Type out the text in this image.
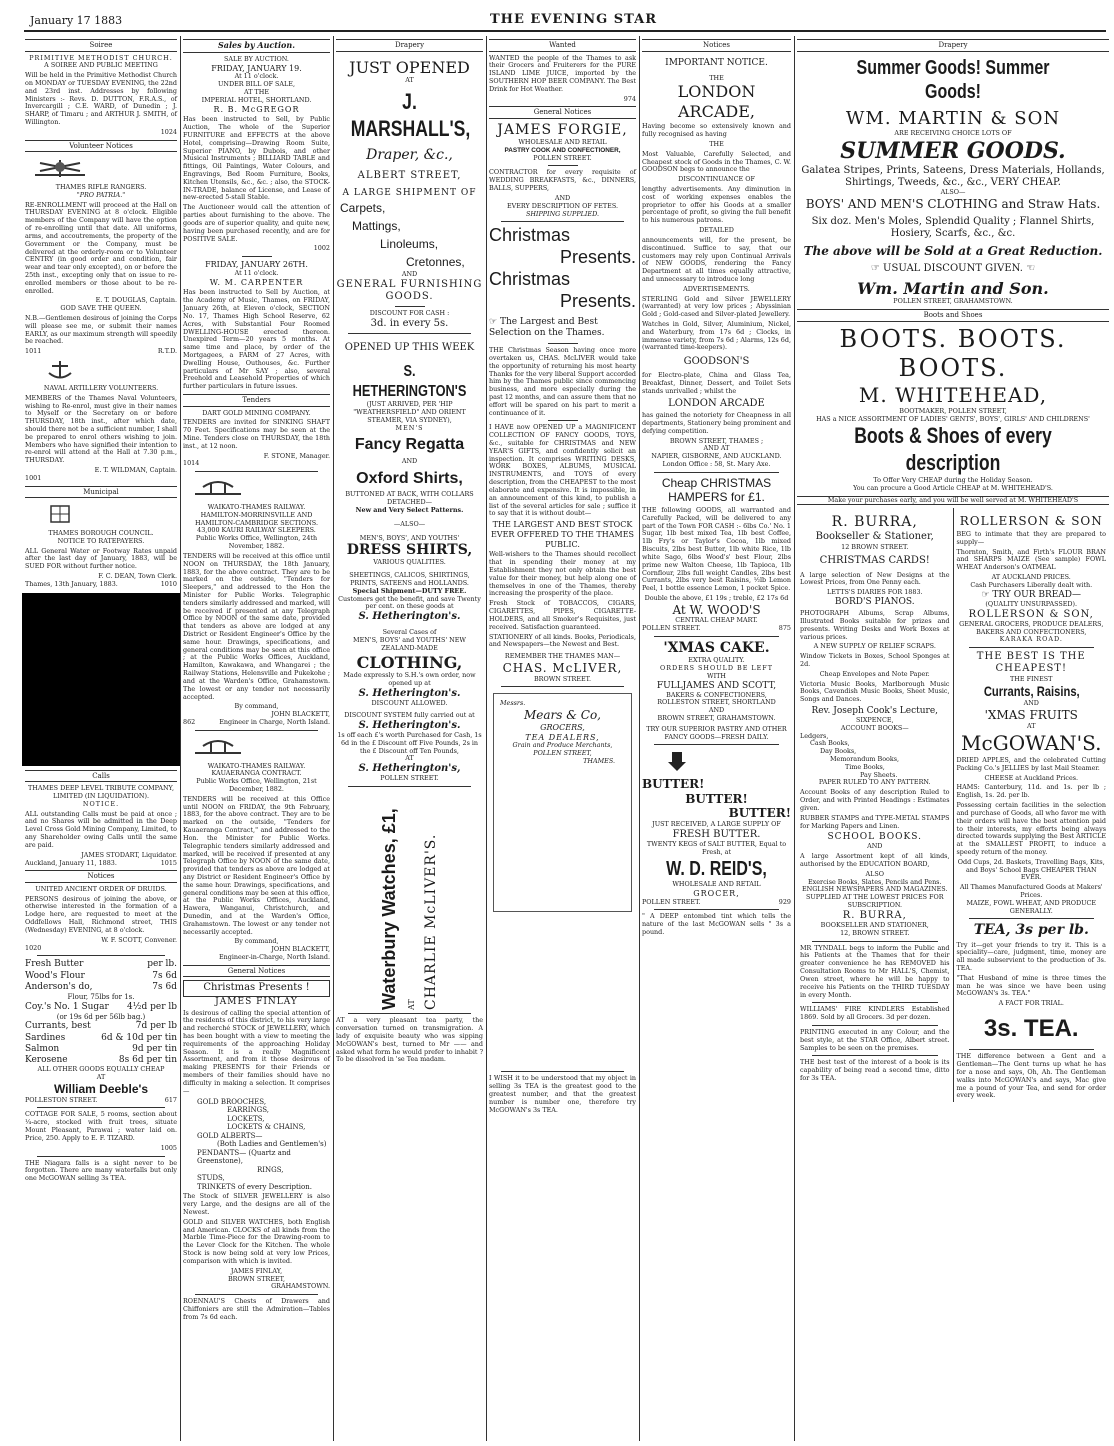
January 17 1883	THE EVENING STAR
Soiree
PRIMITIVE METHODIST CHURCH.
A SOIREE AND PUBLIC MEETING

Will be held in the Primitive Methodist Church on MONDAY or TUESDAY EVENING, the 22nd and 23rd inst. Addresses by following Ministers :- Revs. D. DUTTON, F.R.A.S., of Invercargill ; C.E. WARD, of Dunedin ; J. SHARP, of Timaru ; and ARTHUR J. SMITH, of Willington.

1024
Volunteer Notices
THAMES RIFLE RANGERS.
"PRO PATRIA."

RE-ENROLLMENT will proceed at the Hall on THURSDAY EVENING at 8 o'clock. Eligible members of the Company will have the option of re-enrolling until that date. All uniforms, arms, and accoutrements, the property of the Government or the Company, must be delivered at the orderly-room or to Volunteer CENTRY (in good order and condition, fair wear and tear only excepted), on or before the 25th inst., excepting only that on issue to re-enrolled members or those about to be re-enrolled.

E. T. DOUGLAS, Captain.
GOD SAVE THE QUEEN.

N.B.—Gentlemen desirous of joining the Corps will please see me, or submit their names EARLY, as our maximum strength will speedily be reached.

1011	R.T.D.
NAVAL ARTILLERY VOLUNTEERS.

MEMBERS of the Thames Naval Volunteers, wishing to Re-enrol, must give in their names to Myself or the Secretary on or before THURSDAY, 18th inst., after which date, should there not be a sufficient number, I shall be prepared to enrol others wishing to join. Members who have signified their intention to re-enrol will attend at the Hall at 7.30 p.m., THURSDAY.

E. T. WILDMAN, Captain.
1001
Municipal
THAMES BOROUGH COUNCIL.
NOTICE TO RATEPAYERS.

ALL General Water or Footway Rates unpaid after the last day of January, 1883, will be SUED FOR without further notice.

F. C. DEAN, Town Clerk.
Thames, 13th January, 1883.	1010
Calls
THAMES DEEP LEVEL TRIBUTE COMPANY, LIMITED (IN LIQUIDATION).
NOTICE.

ALL outstanding Calls must be paid at once ; and no Shares will be admitted in the Deep Level Cross Gold Mining Company, Limited, to any Shareholder owing Calls until the same are paid.

JAMES STODART, Liquidator.
Auckland, January 11, 1883.	1015
Notices
UNITED ANCIENT ORDER OF DRUIDS.

PERSONS desirous of joining the above, or otherwise interested in the formation of a Lodge here, are requested to meet at the Oddfellows Hall, Richmond street, THIS (Wednesday) EVENING, at 8 o'clock.

W. F. SCOTT, Convener.
1020
Fresh Butter	per lb.
Wood's Flour	7s 6d
Anderson's do,	7s 6d
Flour, 75lbs for 1s.
Coy.'s No. 1 Sugar 4½d per lb
(or 19s 6d per 56lb bag.)
Currants, best	7d per lb
Sardines	6d & 10d per tin
Salmon	9d per tin
Kerosene	8s 6d per tin
ALL OTHER GOODS EQUALLY CHEAP
AT
William Deeble's
POLLESTON STREET.	617

COTTAGE FOR SALE, 5 rooms, section about ¼-acre, stocked with fruit trees, situate Mount Pleasant, Parawai ; water laid on. Price, 250. Apply to E. F. TIZARD.

1005

THE Niagara falls is a sight never to be forgotten. There are many waterfalls but only one McGOWAN selling 3s TEA.

Sales by Auction.
SALE BY AUCTION.
FRIDAY, JANUARY 19.
At 11 o'clock.
UNDER BILL OF SALE,
AT THE
IMPERIAL HOTEL, SHORTLAND.
R. B. McGREGOR

Has been instructed to Sell, by Public Auction, The whole of the Superior FURNITURE and EFFECTS at the above Hotel, comprising—Drawing Room Suite, Superior PIANO, by Dubois, and other Musical Instruments ; BILLIARD TABLE and fittings, Oil Paintings, Water Colours, and Engravings, Bed Room Furniture, Books, Kitchen Utensils, &c., &c. ; also, the STOCK-IN-TRADE, balance of License, and Lease of new-erected 5-stall Stable.

The Auctioneer would call the attention of parties about furnishing to the above. The goods are of superior quality, and quite new, having been purchased recently, and are for POSITIVE SALE.

1002
FRIDAY, JANUARY 26TH.
At 11 o'clock.
W. M. CARPENTER

Has been instructed to Sell by Auction, at the Academy of Music, Thames, on FRIDAY, January 26th, at Eleven o'clock, SECTION No. 17, Thames High School Reserve, 62 Acres, with Substantial Four Roomed DWELLING-HOUSE erected thereon. Unexpired Term—20 years 5 months. At same time and place, by order of the Mortgagees, a FARM of 27 Acres, with Dwelling House, Outhouses, &c. Further particulars of Mr SAY ; also, several Freehold and Leasehold Properties of which further particulars in future issues.

Tenders
DART GOLD MINING COMPANY.

TENDERS are invited for SINKING SHAFT 70 Feet. Specifications may be seen at the Mine. Tenders close on THURSDAY, the 18th inst., at 12 noon.

F. STONE, Manager.
1014
WAIKATO-THAMES RAILWAY.
HAMILTON-MORRINSVILLE AND HAMILTON-CAMBRIDGE SECTIONS.
43,000 KAURI RAILWAY SLEEPERS.
Public Works Office, Wellington, 24th November, 1882.

TENDERS will be received at this office until NOON on THURSDAY, the 18th January, 1883, for the above contract. They are to be marked on the outside, "Tenders for Sleepers," and addressed to the Hon the Minister for Public Works. Telegraphic tenders similarly addressed and marked, will be received if presented at any Telegraph Office by NOON of the same date, provided that tenders as above are lodged at any District or Resident Engineer's Office by the same hour. Drawings, specifications, and general conditions may be seen at this office ; at the Public Works Offices, Auckland, Hamilton, Kawakawa, and Whangarei ; the Railway Stations, Helensville and Pukekohe ; and at the Warden's Office, Grahamstown. The lowest or any tender not necessarily accepted.

By command,
JOHN BLACKETT,
862	Engineer in Charge, North Island.
WAIKATO-THAMES RAILWAY.
KAUAERANGA CONTRACT.
Public Works Office, Wellington, 21st December, 1882.

TENDERS will be received at this Office until NOON on FRIDAY, the 9th February, 1883, for the above contract. They are to be marked on the outside, "Tenders for Kauaeranga Contract," and addressed to the Hon. the Minister for Public Works. Telegraphic tenders similarly addressed and marked, will be received if presented at any Telegraph Office by NOON of the same date, provided that tenders as above are lodged at any District or Resident Engineer's Office by the same hour. Drawings, specifications, and general conditions may be seen at this office, at the Public Works Offices, Auckland, Hawera, Wanganui, Christchurch, and Dunedin, and at the Warden's Office, Grahamstown. The lowest or any tender not necessarily accepted.

By command,
JOHN BLACKETT,
Engineer-in-Charge, North Island.
General Notices
Christmas Presents !
JAMES FINLAY

Is desirous of calling the special attention of the residents of this district, to his very large and recherché STOCK of JEWELLERY, which has been bought with a view to meeting the requirements of the approaching Holiday Season. It is a really Magnificent Assortment, and from it those desirous of making PRESENTS for their Friends or members of their families should have no difficulty in making a selection. It comprises—

GOLD BROOCHES,
EARRINGS,
LOCKETS,
LOCKETS & CHAINS,
GOLD ALBERTS—
(Both Ladies and Gentlemen's)
PENDANTS— (Quartz and Greenstone),
RINGS,
STUDS,
TRINKETS of every Description.

The Stock of SILVER JEWELLERY is also very Large, and the designs are all of the Newest.

GOLD and SILVER WATCHES, both English and American. CLOCKS of all kinds from the Marble Time-Piece for the Drawing-room to the Lever Clock for the Kitchen. The whole Stock is now being sold at very low Prices, comparison with which is invited.

JAMES FINLAY,
BROWN STREET,
GRAHAMSTOWN.

ROENNAU'S Chests of Drawers and Chiffoniers are still the Admiration—Tables from 7s 6d each.

Drapery
JUST OPENED
AT
J. MARSHALL'S,
Draper, &c.,
ALBERT STREET,
A LARGE SHIPMENT OF
Carpets,
Mattings,
Linoleums,
Cretonnes,
AND
GENERAL FURNISHING GOODS.
DISCOUNT FOR CASH :
3d. in every 5s.
OPENED UP THIS WEEK
S. HETHERINGTON'S
(JUST ARRIVED, PER 'HIP "WEATHERSFIELD" AND ORIENT STEAMER, VIA SYDNEY),
MEN'S
Fancy Regatta
AND
Oxford Shirts,
BUTTONED AT BACK, WITH COLLARS DETACHED—
New and Very Select Patterns.
—ALSO—
MEN'S, BOYS', AND YOUTHS'
DRESS SHIRTS,
VARIOUS QUALITIES.
SHEETINGS, CALICOS, SHIRTINGS, PRINTS, SATEENS and HOLLANDS.
Special Shipment—DUTY FREE.
Customers get the benefit, and save Twenty per cent. on these goods at
S. Hetherington's.
Several Cases of
MEN'S, BOYS' and YOUTHS' NEW ZEALAND-MADE
CLOTHING,
Made expressly to S.H.'s own order, now opened up at
S. Hetherington's.
DISCOUNT ALLOWED.
DISCOUNT SYSTEM fully carried out at
S. Hetherington's.
1s off each £'s worth Purchased for Cash, 1s 6d in the £ Discount off Five Pounds, 2s in the £ Discount off Ten Pounds,
AT
S. Hetherington's,
POLLEN STREET.
Waterbury Watches, £1, AT CHARLIE McLIVER'S.

AT a very pleasant tea party, the conversation turned on transmigration. A lady of exquisite beauty who was sipping McGOWAN's best, turned to Mr —— and asked what form he would prefer to inhabit ? To be dissolved in 'se Tea madam.

Wanted

WANTED the people of the Thames to ask their Grocers and Fruiterers for the PURE ISLAND LIME JUICE, imported by the SOUTHERN HOP BEER COMPANY. The Best Drink for Hot Weather.

974
General Notices
JAMES FORGIE,
WHOLESALE AND RETAIL
PASTRY COOK AND CONFECTIONER,
POLLEN STREET.

CONTRACTOR for every requisite of WEDDING BREAKFASTS, &c., DINNERS, BALLS, SUPPERS,

AND
EVERY DESCRIPTION OF FETES.
SHIPPING SUPPLIED.
Christmas
Presents.
Christmas
Presents.
☞ The Largest and Best Selection on the Thames.

THE Christmas Season having once more overtaken us, CHAS. McLIVER would take the opportunity of returning his most hearty Thanks for the very liberal Support accorded him by the Thames public since commencing business, and more especially during the past 12 months, and can assure them that no effort will be spared on his part to merit a continuance of it.

I HAVE now OPENED UP a MAGNIFICENT COLLECTION OF FANCY GOODS, TOYS, &c., suitable for CHRISTMAS and NEW YEAR'S GIFTS, and confidently solicit an inspection. It comprises WRITING DESKS, WORK BOXES, ALBUMS, MUSICAL INSTRUMENTS, and TOYS of every description, from the CHEAPEST to the most elaborate and expensive. It is impossible, in an announcement of this kind, to publish a list of the several articles for sale ; suffice it to say that it is without doubt—

THE LARGEST AND BEST STOCK EVER OFFERED TO THE THAMES PUBLIC.

Well-wishers to the Thames should recollect that in spending their money at my Establishment they not only obtain the best value for their money, but help along one of themselves in one of the Thames, thereby increasing the prosperity of the place.

Fresh Stock of TOBACCOS, CIGARS, CIGARETTES, PIPES, CIGARETTE-HOLDERS, and all Smoker's Requisites, just received. Satisfaction guaranteed.

STATIONERY of all kinds. Books, Periodicals, and Newspapers—the Newest and Best.

REMEMBER THE THAMES MAN—
CHAS. McLIVER,
BROWN STREET.
Messrs.
Mears & Co,
GROCERS,
TEA DEALERS,
Grain and Produce Merchants,
POLLEN STREET,
THAMES.

I WISH it to be understood that my object in selling 3s TEA is the greatest good to the greatest number, and that the greatest number is number one, therefore try McGOWAN's 3s TEA.

Notices
IMPORTANT NOTICE.
THE
LONDON ARCADE,

Having become so extensively known and fully recognised as having

THE

Most Valuable, Carefully Selected, and Cheapest stock of Goods in the Thames, C. W. GOODSON begs to announce the

DISCONTINUANCE OF

lengthy advertisements. Any diminution in cost of working expenses enables the proprietor to offer his Goods at a smaller percentage of profit, so giving the full benefit to his numerous patrons.

DETAILED

announcements will, for the present, be discontinued. Suffice to say, that our customers may rely upon Continual Arrivals of NEW GOODS, rendering the Fancy Department at all times equally attractive, and unnecessary to introduce long

ADVERTISEMENTS.

STERLING Gold and Silver JEWELLERY (warranted) at very low prices ; Abyssinian Gold ; Gold-cased and Silver-plated Jewellery.

Watches in Gold, Silver, Aluminium, Nickel, and Waterbury, from 17s 6d ; Clocks, in immense variety, from 7s 6d ; Alarms, 12s 6d, (warranted time-keepers).

GOODSON'S

for Electro-plate, China and Glass Tea, Breakfast, Dinner, Dessert, and Toilet Sets stands unrivalled ; whilst the

LONDON ARCADE

has gained the notoriety for Cheapness in all departments, Stationery being prominent and defying competition.

BROWN STREET, THAMES ;
AND AT
NAPIER, GISBORNE, AND AUCKLAND.
London Office : 58, St. Mary Axe.
Cheap CHRISTMAS HAMPERS for £1.

THE following GOODS, all warranted and Carefully Packed, will be delivered to any part of the Town FOR CASH :- 6lbs Co.' No. 1 Sugar, 1lb best mixed Tea, 1lb best Coffee, 1lb Fry's or Taylor's Cocoa, 1lb mixed Biscuits, 2lbs best Butter, 1lb white Rice, 1lb white Sago, 6lbs Wood's' best Flour, 2lbs prime new Walton Cheese, 1lb Tapioca, 1lb Cornflour, 2lbs full weight Candles, 2lbs best Currants, 2lbs very best Raisins, ½lb Lemon Peel, 1 bottle essence Lemon, 1 pocket Spice.

Double the above, £1 19s ; treble, £2 17s 6d
At W. WOOD'S
CENTRAL CHEAP MART.
POLLEN STREET.	875
'XMAS CAKE.
EXTRA QUALITY.
ORDERS SHOULD BE LEFT
WITH
FULLJAMES AND SCOTT,
BAKERS & CONFECTIONERS,
ROLLESTON STREET, SHORTLAND
AND
BROWN STREET, GRAHAMSTOWN.
TRY OUR SUPERIOR PASTRY AND OTHER FANCY GOODS—FRESH DAILY.
BUTTER!
BUTTER!
BUTTER!
JUST RECEIVED, A LARGE SUPPLY OF
FRESH BUTTER.
TWENTY KEGS of SALT BUTTER, Equal to Fresh, at
W. D. REID'S,
WHOLESALE AND RETAIL
GROCER,
POLLEN STREET.	929

" A DEEP entombed tint which tells the nature of the last McGOWAN sells " 3s a pound.

Drapery
Summer Goods! Summer Goods!
WM. MARTIN & SON
ARE RECEIVING CHOICE LOTS OF
SUMMER GOODS.
Galatea Stripes, Prints, Sateens, Dress Materials, Hollands, Shirtings, Tweeds, &c., &c., VERY CHEAP.
ALSO—
BOYS' AND MEN'S CLOTHING and Straw Hats.
Six doz. Men's Moles, Splendid Quality ; Flannel Shirts, Hosiery, Scarfs, &c., &c.
The above will be Sold at a Great Reduction.
☞ USUAL DISCOUNT GIVEN. ☜
Wm. Martin and Son.
POLLEN STREET, GRAHAMSTOWN.
Boots and Shoes
BOOTS. BOOTS. BOOTS.
M. WHITEHEAD,
BOOTMAKER, POLLEN STREET,
HAS a NICE ASSORTMENT OF LADIES' GENTS', BOYS', GIRLS' AND CHILDRENS'
Boots & Shoes of every description
To Offer Very CHEAP during the Holiday Season.
You can procure a Good Article CHEAP at M. WHITEHEAD'S.
Make your purchases early, and you will be well served at M. WHITEHEAD'S
R. BURRA,
Bookseller & Stationer,
12 BROWN STREET.
CHRISTMAS CARDS!

A large selection of New Designs at the Lowest Prices, from One Penny each.

LETTS'S DIARIES FOR 1883.
BORD'S PIANOS.

PHOTOGRAPH Albums, Scrap Albums, Illustrated Books suitable for prizes and presents. Writing Desks and Work Boxes at various prices.

A NEW SUPPLY OF RELIEF SCRAPS.

Window Tickets in Boxes, School Sponges at 2d.

Cheap Envelopes and Note Paper.

Victoria Music Books, Marlborough Music Books, Cavendish Music Books, Sheet Music, Songs and Dances.

Rev. Joseph Cook's Lecture,
SIXPENCE,
ACCOUNT BOOKS—
Ledgers,
Cash Books,
Day Books,
Memorandum Books,
Time Books,
Pay Sheets.
PAPER RULED TO ANY PATTERN.

Account Books of any description Ruled to Order, and with Printed Headings : Estimates given.

RUBBER STAMPS and TYPE-METAL STAMPS for Marking Papers and Linen.

SCHOOL BOOKS.
AND

A large Assortment kept of all kinds, authorised by the EDUCATION BOARD,

ALSO
Exercise Books, Slates, Pencils and Pens.
ENGLISH NEWSPAPERS AND MAGAZINES.
SUPPLIED AT THE LOWEST PRICES FOR SUBSCRIPTION.
R. BURRA,
BOOKSELLER AND STATIONER,
12, BROWN STREET.

MR TYNDALL begs to inform the Public and his Patients at the Thames that for their greater convenience he has REMOVED his Consultation Rooms to Mr HALL'S, Chemist, Owen street, where he will be happy to receive his Patients on the THIRD TUESDAY in every Month.

WILLIAMS' FIRE KINDLERS Established 1869. Sold by all Grocers. 3d per dozen.

PRINTING executed in any Colour, and the best style, at the STAR Office, Albert street. Samples to be seen on the premises.

THE best test of the interest of a book is its capability of being read a second time, ditto for 3s TEA.

ROLLERSON & SON

BEG to intimate that they are prepared to supply—

Thornton, Smith, and Firth's FLOUR BRAN and SHARPS MAIZE (See sample) FOWL WHEAT Anderson's OATMEAL

AT AUCKLAND PRICES.
Cash Purchasers Liberally dealt with.
☞ TRY OUR BREAD—
(QUALITY UNSURPASSED).
ROLLERSON & SON,
GENERAL GROCERS, PRODUCE DEALERS, BAKERS AND CONFECTIONERS,
KARAKA ROAD.
THE BEST IS THE CHEAPEST!
THE FINEST
Currants, Raisins,
AND
'XMAS FRUITS
AT
McGOWAN'S.

DRIED APPLES, and the celebrated Cutting Packing Co.'s JELLIES by last Mail Steamer.

CHEESE at Auckland Prices.

HAMS: Canterbury, 11d. and 1s. per lb ; English, 1s. 2d. per lb.

Possessing certain facilities in the selection and purchase of Goods, all who favor me with their orders will have the best attention paid to their interests, my efforts being always directed towards supplying the Best ARTICLE at the SMALLEST PROFIT, to induce a speedy return of the money.

Odd Cups, 2d. Baskets, Travelling Bags, Kits, and Boys' School Bags CHEAPER THAN EVER.

All Thames Manufactured Goods at Makers' Prices.
MAIZE, FOWL WHEAT, AND PRODUCE GENERALLY.
TEA, 3s per lb.

Try it—get your friends to try it. This is a speciality—care, judgment, time, money are all made subservient to the production of 3s. TEA.

"That Husband of mine is three times the man he was since we have been using McGOWAN's 3s. TEA."

A FACT FOR TRIAL.
3s. TEA.

THE difference between a Gent and a Gentleman—The Gent turns up what he has for a nose and says, Oh, Ah. The Gentleman walks into McGOWAN's and says, Mac give me a pound of your Tea, and send for order every week.
